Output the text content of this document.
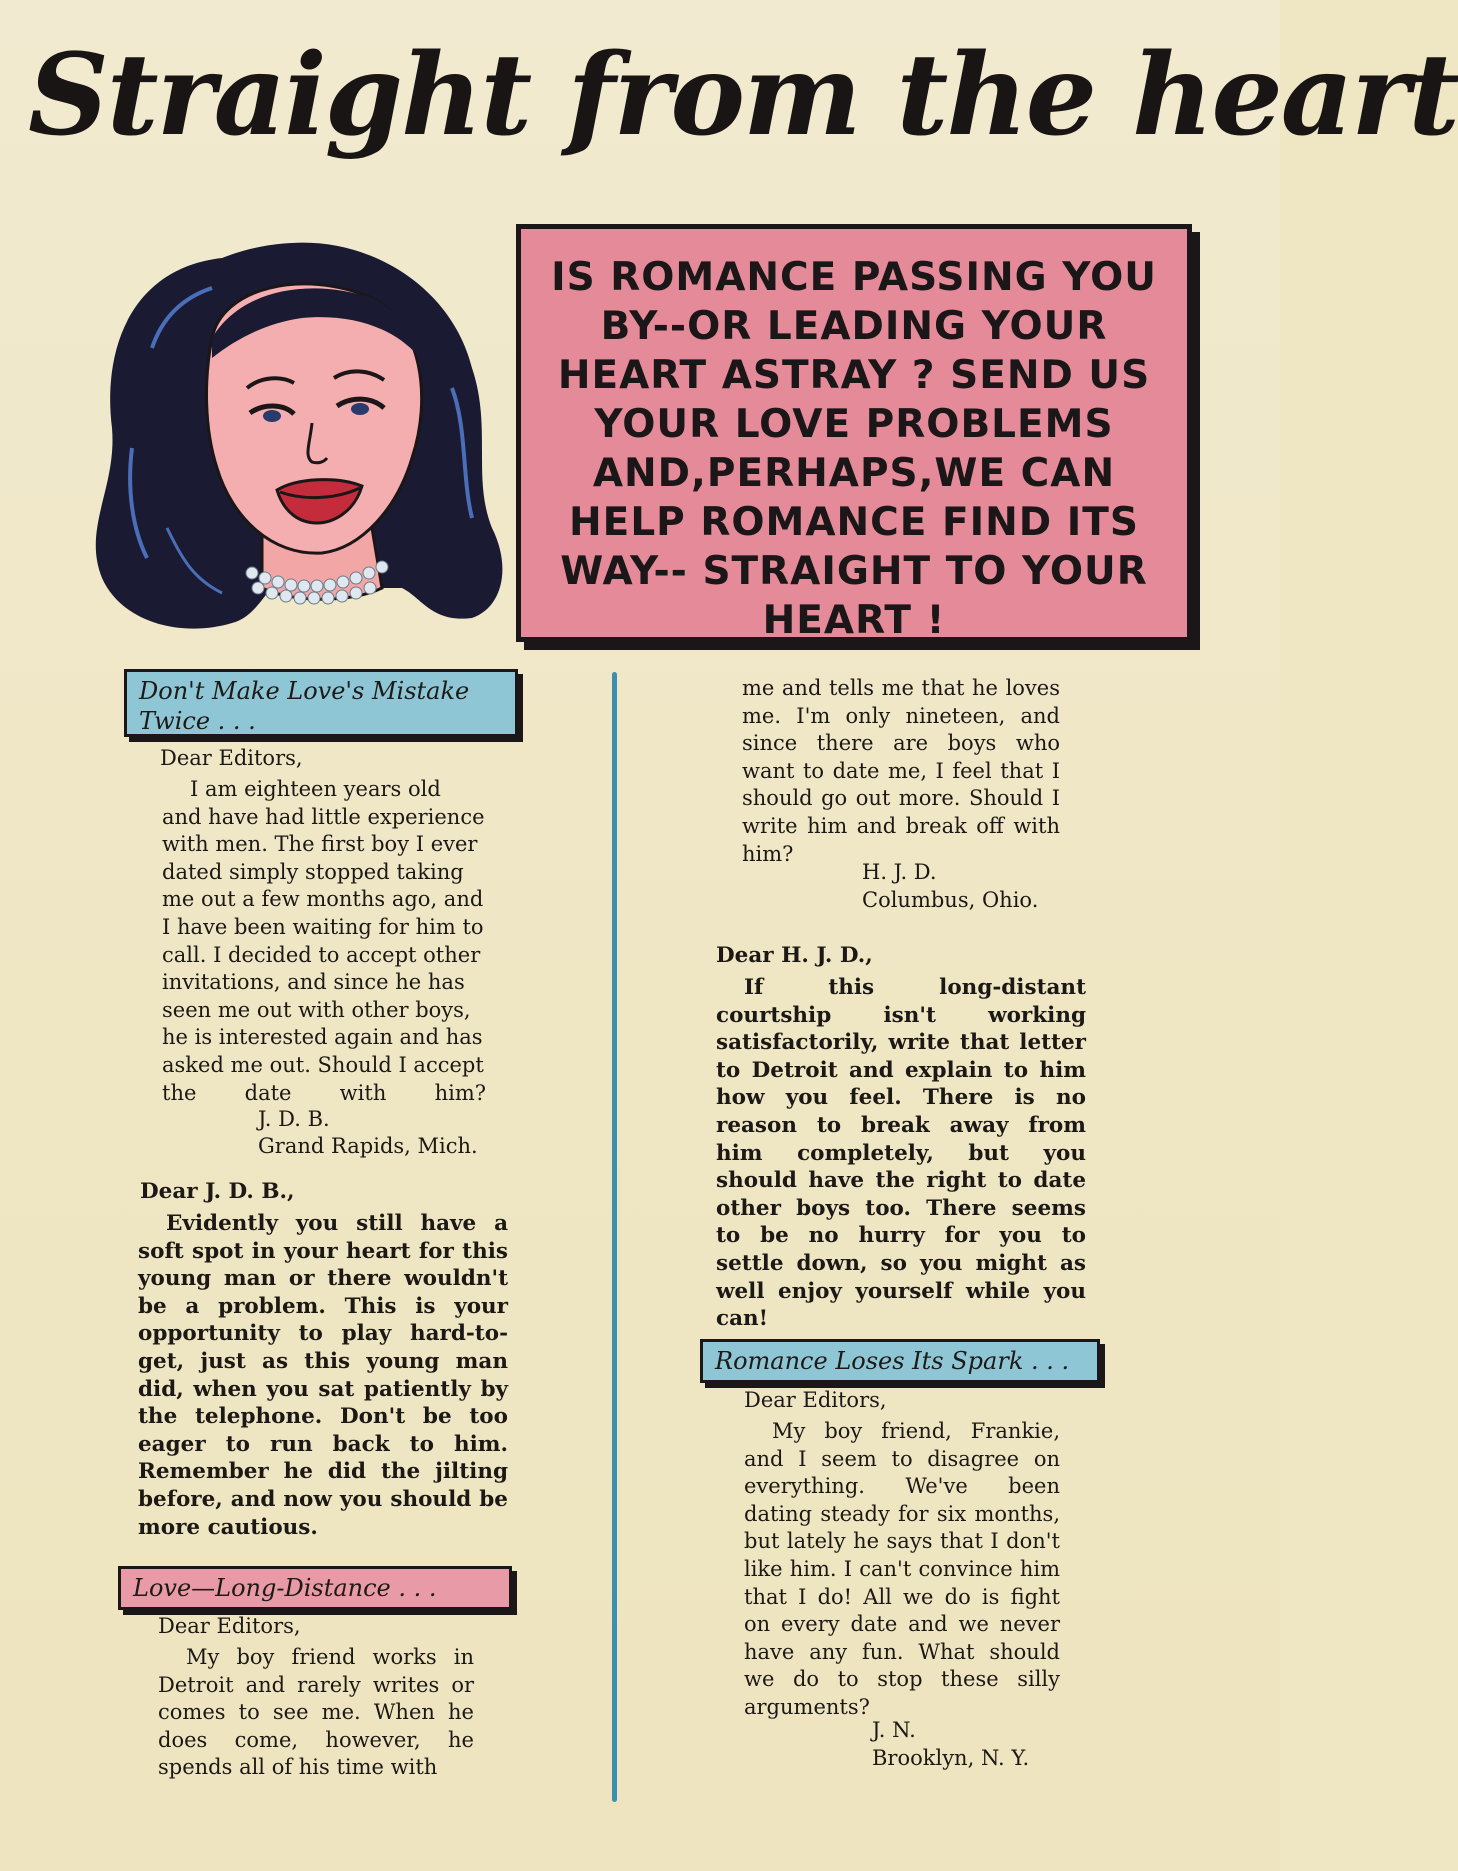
Straight from the heart
IS ROMANCE PASSING YOU BY--OR LEADING YOUR HEART ASTRAY ? SEND US YOUR LOVE PROBLEMS AND,PERHAPS,WE CAN HELP ROMANCE FIND ITS WAY-- STRAIGHT TO YOUR HEART !
Don't Make Love's Mistake Twice . . .
Dear Editors,

I am eighteen years old and have had little experience with men. The first boy I ever dated simply stopped taking me out a few months ago, and I have been waiting for him to call. I decided to accept other invitations, and since he has seen me out with other boys, he is interested again and has asked me out. Should I accept the date with him?

J. D. B.
Grand Rapids, Mich.
Dear J. D. B.,
Evidently you still have a soft spot in your heart for this young man or there wouldn't be a problem. This is your opportunity to play hard-to-get, just as this young man did, when you sat patiently by the telephone. Don't be too eager to run back to him. Remember he did the jilting before, and now you should be more cautious.
Love—Long-Distance . . .
Dear Editors,
My boy friend works in Detroit and rarely writes or comes to see me. When he does come, however, he spends all of his time with
me and tells me that he loves me. I'm only nineteen, and since there are boys who want to date me, I feel that I should go out more. Should I write him and break off with him?
H. J. D.
Columbus, Ohio.
Dear H. J. D.,
If this long-distant courtship isn't working satisfactorily, write that letter to Detroit and explain to him how you feel. There is no reason to break away from him completely, but you should have the right to date other boys too. There seems to be no hurry for you to settle down, so you might as well enjoy yourself while you can!
Romance Loses Its Spark . . .
Dear Editors,
My boy friend, Frankie, and I seem to disagree on everything. We've been dating steady for six months, but lately he says that I don't like him. I can't convince him that I do! All we do is fight on every date and we never have any fun. What should we do to stop these silly arguments?
J. N.
Brooklyn, N. Y.
